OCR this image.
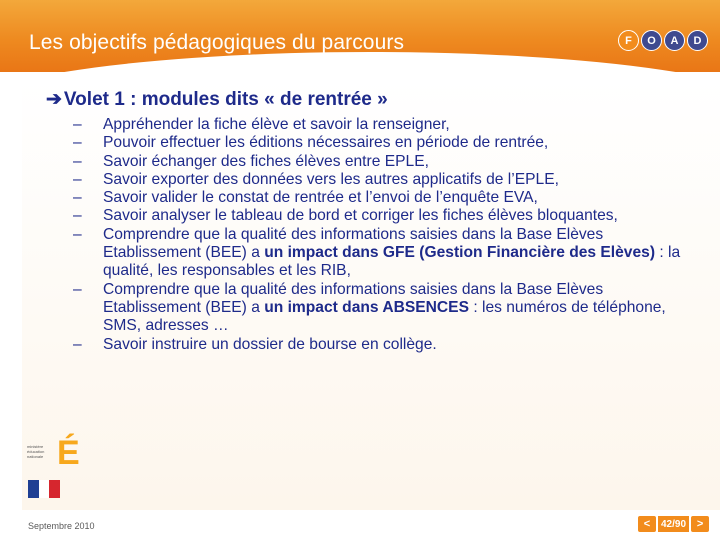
Les objectifs pédagogiques du parcours	F	O	A	D
➔ Volet 1 : modules dits « de rentrée »
– Appréhender la fiche élève et savoir la renseigner,
– Pouvoir effectuer les éditions nécessaires en période de rentrée,
– Savoir échanger des fiches élèves entre EPLE,
– Savoir exporter des données vers les autres applicatifs de l’EPLE,
– Savoir valider le constat de rentrée et l’envoi de l’enquête EVA,
– Savoir analyser le tableau de bord et corriger les fiches élèves bloquantes,
– Comprendre que la qualité des informations saisies dans la Base Elèves Etablissement (BEE) a un impact dans GFE (Gestion Financière des Elèves) : la qualité, les responsables et les RIB,
– Comprendre que la qualité des informations saisies dans la Base Elèves Etablissement (BEE) a un impact dans ABSENCES : les numéros de téléphone, SMS, adresses …
– Savoir instruire un dossier de bourse en collège.
ministère
éducation
nationale É
Septembre 2010	<	42/90 >
